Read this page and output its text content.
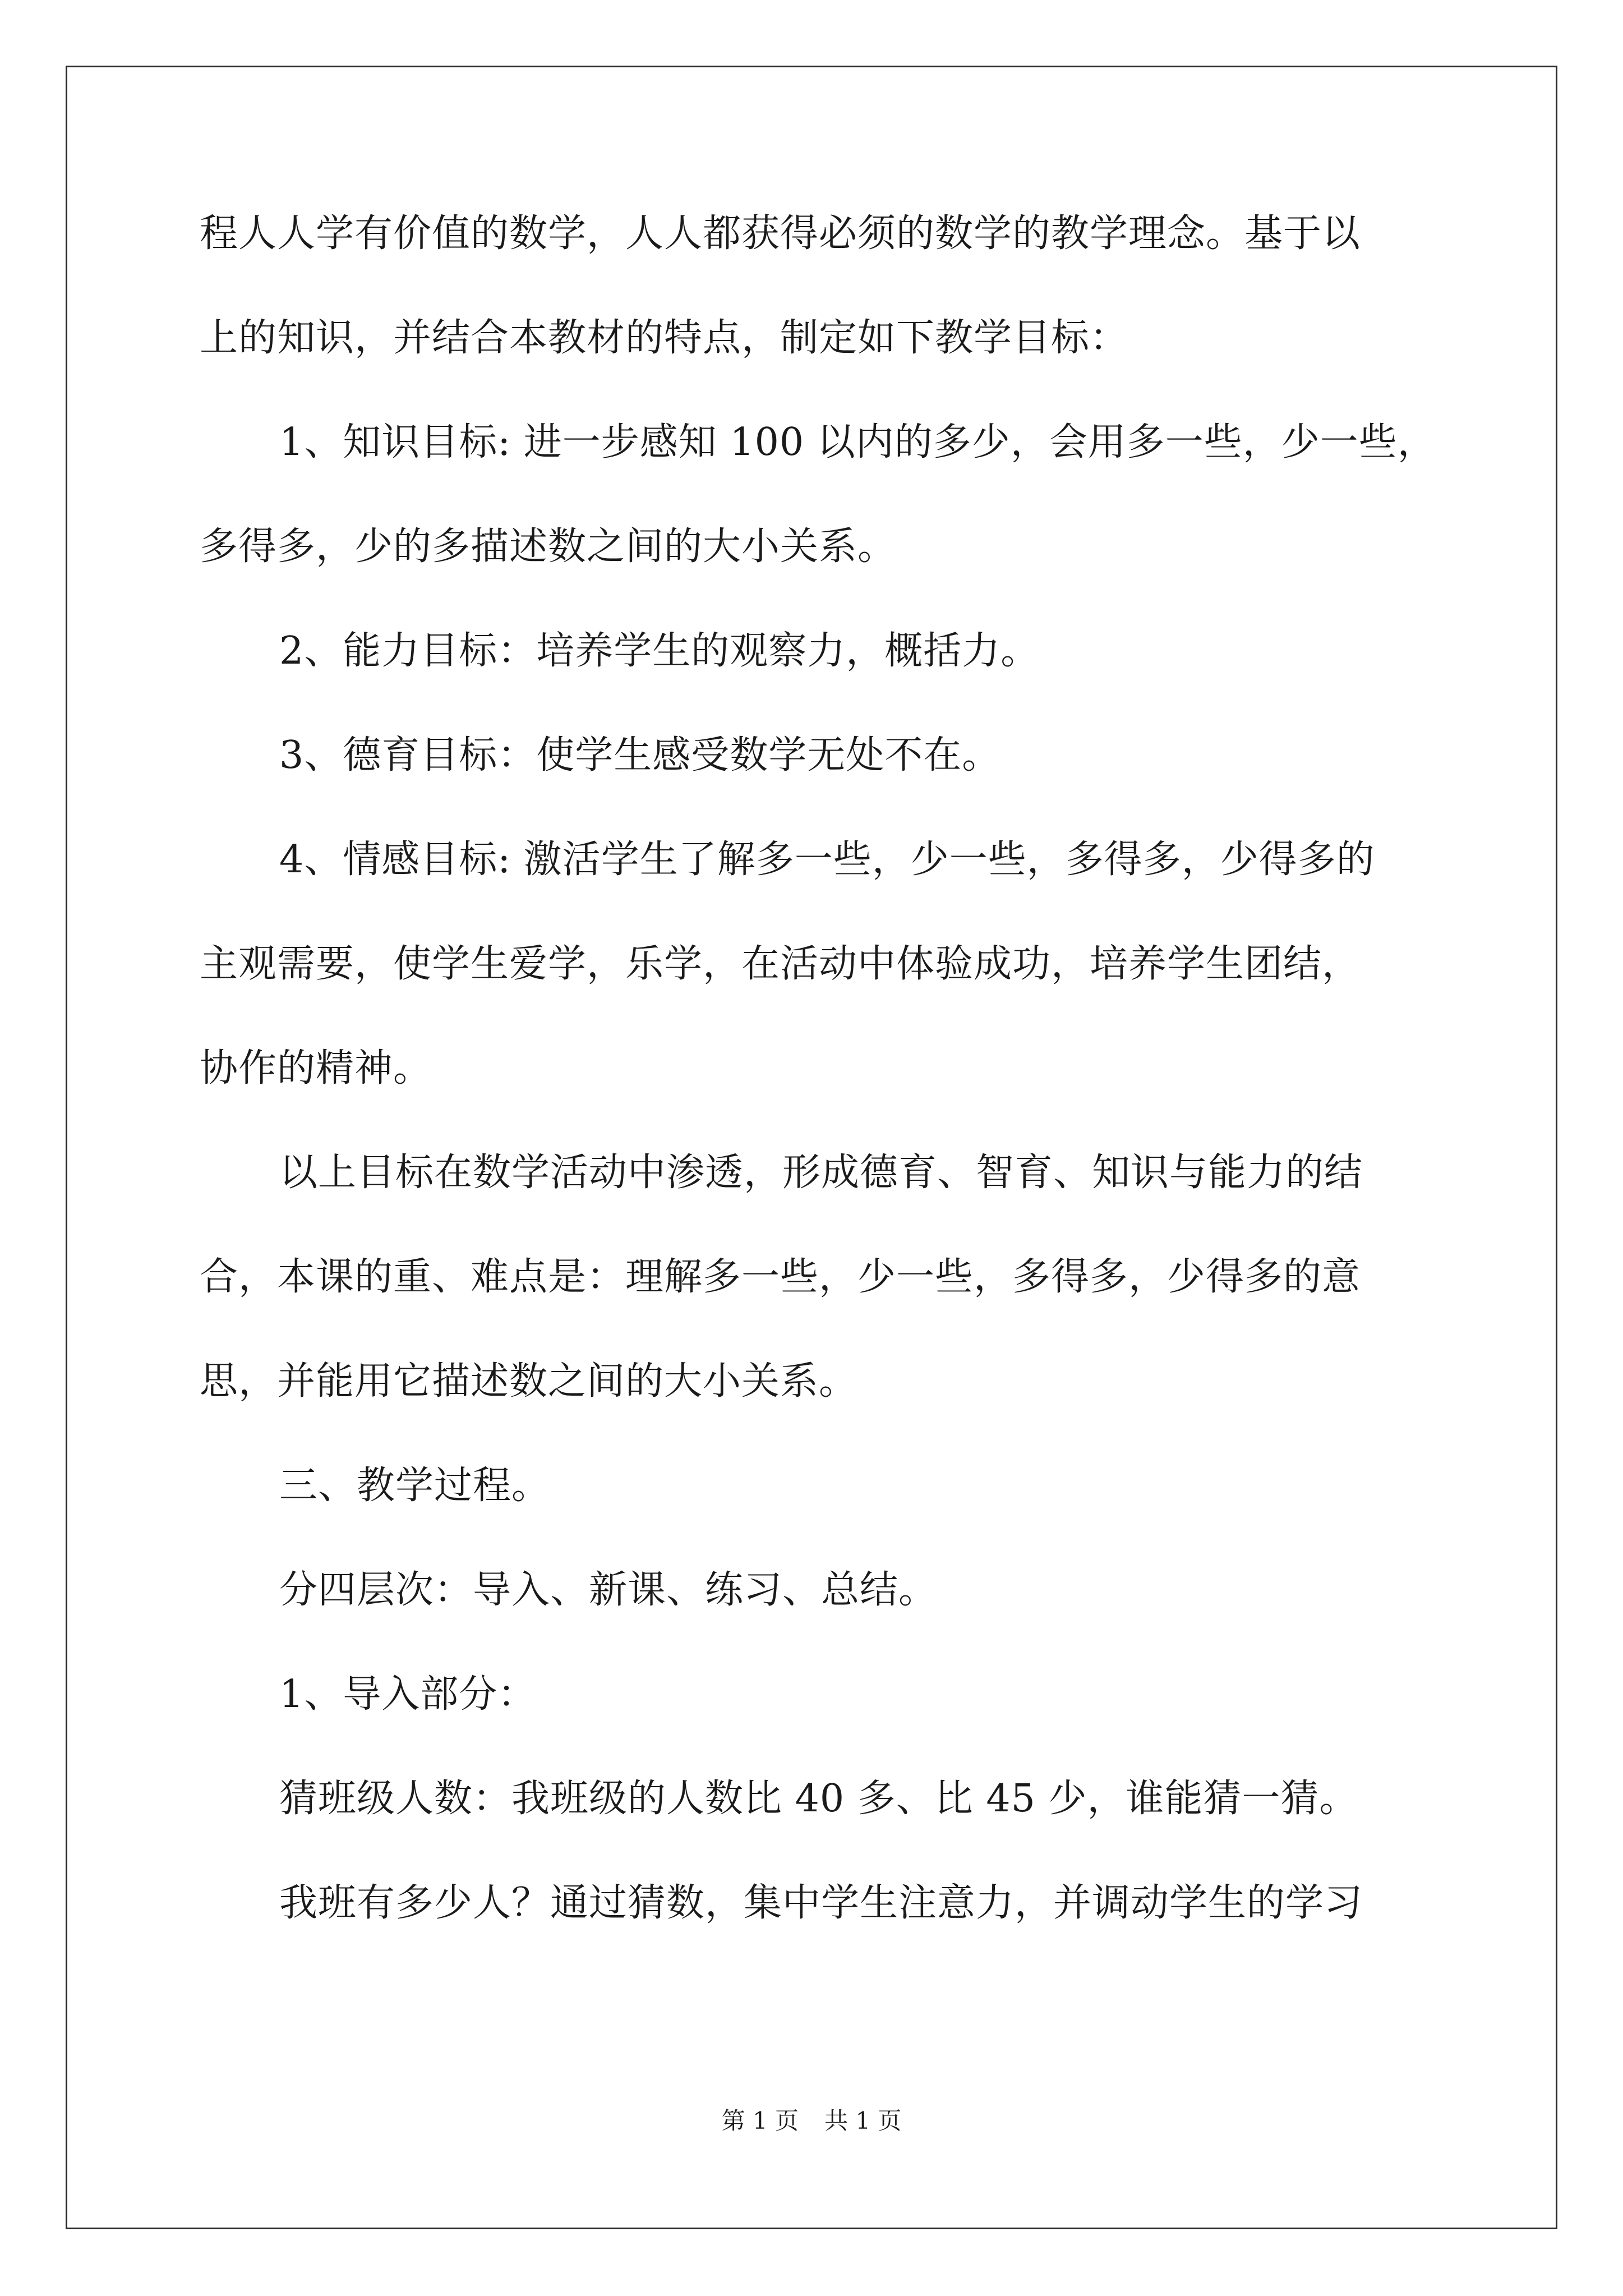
程人人学有价值的数学，人人都获得必须的数学的教学理念。基于以
上的知识，并结合本教材的特点，制定如下教学目标：
1、知识目标: 进一步感知 100 以内的多少，会用多一些，少一些，
多得多，少的多描述数之间的大小关系。
2、能力目标：培养学生的观察力，概括力。
3、德育目标：使学生感受数学无处不在。
4、情感目标: 激活学生了解多一些，少一些，多得多，少得多的
主观需要，使学生爱学，乐学，在活动中体验成功，培养学生团结，
协作的精神。
以上目标在数学活动中渗透，形成德育、智育、知识与能力的结
合，本课的重、难点是：理解多一些，少一些，多得多，少得多的意
思，并能用它描述数之间的大小关系。
三、教学过程。
分四层次：导入、新课、练习、总结。
1、导入部分：
猜班级人数：我班级的人数比 40 多、比 45 少，谁能猜一猜。
我班有多少人？通过猜数，集中学生注意力，并调动学生的学习
第 1 页 共 1 页
